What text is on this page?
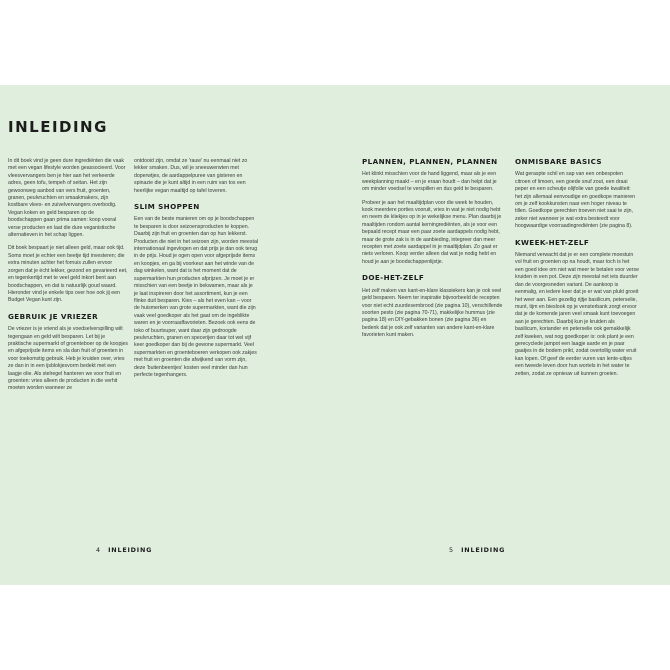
INLEIDING

In dit boek vind je geen dure ingrediënten die vaak met een vegan lifestyle worden geassocieerd. Voor vleesvervangers ben je hier aan het verkeerde adres, geen tofu, tempeh of seitan. Het zijn gewoonweg aanbod van vers fruit, groenten, granen, peulvruchten en smaakmakers, zijn kostbare vlees- en zuivelvervangers overbodig. Vegan koken en geld besparen op de boodschappen gaan prima samen: koop vooral verse producten en laat die dure veganistische alternatieven in het schap liggen.

Dit boek bespaart je niet alleen geld, maar ook tijd. Soms moet je echter een beetje tijd investeren; die extra minuten achter het fornuis zullen ervoor zorgen dat je écht lekker, gezond en gevarieerd eet, en tegenkertijd met te veel geld inkort bent aan boodschappen, en dat is natuurlijk goud waard. Hieronder vind je enkele tips over hoe ook jij een Budget Vegan kunt zijn.

GEBRUIK JE VRIEZER

De vriezer is je vriend als je voedselverspilling wilt tegengaan en geld wilt besparen. Let bij je praktische supermarkt of groenteboer op de koopjes en afgeprijsde items en sla dan fruit of groenten in voor toekomstig gebruik. Heb je kruiden over, vries ze dan in in een ijsblokjesvorm bedekt met een laagje olie. Als stelregel hanteren we voor fruit en groenten: vries alleen de producten in die verhit moeten worden wanneer ze

ontdooid zijn, omdat ze 'rauw' nu eenmaal niet zo lekker smaken. Dus, wil je sneeuwerwten met doperwtjes, de aardappelpuree van gisteren en spinazie die je kunt altijd in een ruim van tos een heerlijke vegan maaltijd op tafel toveren.

SLIM SHOPPEN

Een van de beste manieren om op je boodschappen te besparen is door seizoensproducten te koppen. Daarbij zijn fruit en groenten dan op hun lekkerst. Producten die niet in het seizoen zijn, worden meestal internationaal ingevlogen en dat prijs je dan ook terug in de prijs. Houd je ogen open voor afgeprijsde items en koopjes, en ga bij voorkeur aan het winde van de dag winkelen, want dat is het moment dat de supermarkten hun producten afprijzen. Je moet je er misschien van een beetje in bekwamen, maar als je je laat inspireren door het assortiment, kun je een flinke duit besparen. Kies – als het even kan – voor de huismerken van grote supermarkten, want die zijn vaak veel goedkoper als het gaat om de ingeblikte waren en je voorraadfavorieten. Bezoek ook eens de toko of buurtsuper, want daar zijn gedroogde peulvruchten, granen en specerijen daar tot wel vijf keer goedkoper dan bij de gewone supermarkt. Veel supermarkten en groenteboeren verkopen ook zakjes met fruit en groenten die afwijkend van vorm zijn, deze 'buitenbeentjes' kosten veel minder dan hun perfecte tegenhangers.

PLANNEN, PLANNEN, PLANNEN

Het klinkt misschien voor de hand liggend, maar als je een weekplanning maakt – en je eraan houdt – dan helpt dat je om minder voedsel te verspillen en dus geld te besparen.

Probeer je aan het maaltijdplan voor die week te houden, kook meerdere porties vooruit, vries in wat je niet nodig hebt en neem de kliekjes op in je wekelijkse menu. Plan daarbij je maaltijden rondom aantal kerningrediënten, als je voor een bepaald recept maar een paar zoete aardappels nodig hebt, maar de grote zak is in de aanbieding, integreer dan meer recepten met zoete aardappel in je maaltijdplan. Zo gaat er niets verloren. Koop verder alleen dat wat je nodig hebt en houd je aan je boodschappenlijstje.

DOE-HET-ZELF

Het zelf maken van kant-en-klare klassiekers kan je ook veel geld besparen. Neem ter inspiratie bijvoorbeeld de recepten voor niet echt zuurdesembrood (zie pagina 10), verschillende soorten pesto (zie pagina 70-71), makkelijke hummus (zie pagina 18) en DIY-gebakken bonen (zie pagina 36) en bedenk dat je ook zelf varianten van andere kant-en-klare favorieten kunt maken.

ONMISBARE BASICS

Wat geraspte schil en sap van een onbespoten citroen of limoen, een goede snuf zout, een draai peper en een scheutje olijfolie van goede kwaliteit: het zijn allemaal eenvoudige en goedkope manieren om je zelf kookkunsten naar een hoger niveau te tillen. Goedkope gerechten troeven niet saai te zijn, zeker niet wanneer je wat extra besteedt voor hoogwaardige voorraadingrediënten (zie pagina 8).

KWEEK-HET-ZELF

Niemand verwacht dat je er een complete moestuin vol fruit en groenten op na houdt, maar toch is het een goed idee om niet wat meer te betalen voor verse kruiden in een pot. Deze zijn meestal net iets duurder dan de voorgesneden variant. De aankoop is eenmalig, en iedere keer dat je er wat van plukt groeit het weer aan. Een gezellig rijtje basilicum, peterselie, munt, tijm en bieslook op je vensterbank zorgt ervoor dat je de komende jaren veel smaak kunt toevoegen aan je gerechten. Daarbij kun je kruiden als basilicum, koriander en peterselie ook gemakkelijk zelf kweken, wat nog goedkoper is: ook plant je een gerecyclede jampot een laagje aarde en je paar gaatjes in de bodem prikt, zodat overtollig water eruit kan lopen. Of geef de eerder vuren van lente-uitjes een tweede leven door hun wortels in het water te zetten, zodat ze opnieuw uit kunnen groeien.

4 INLEIDING	5 INLEIDING
